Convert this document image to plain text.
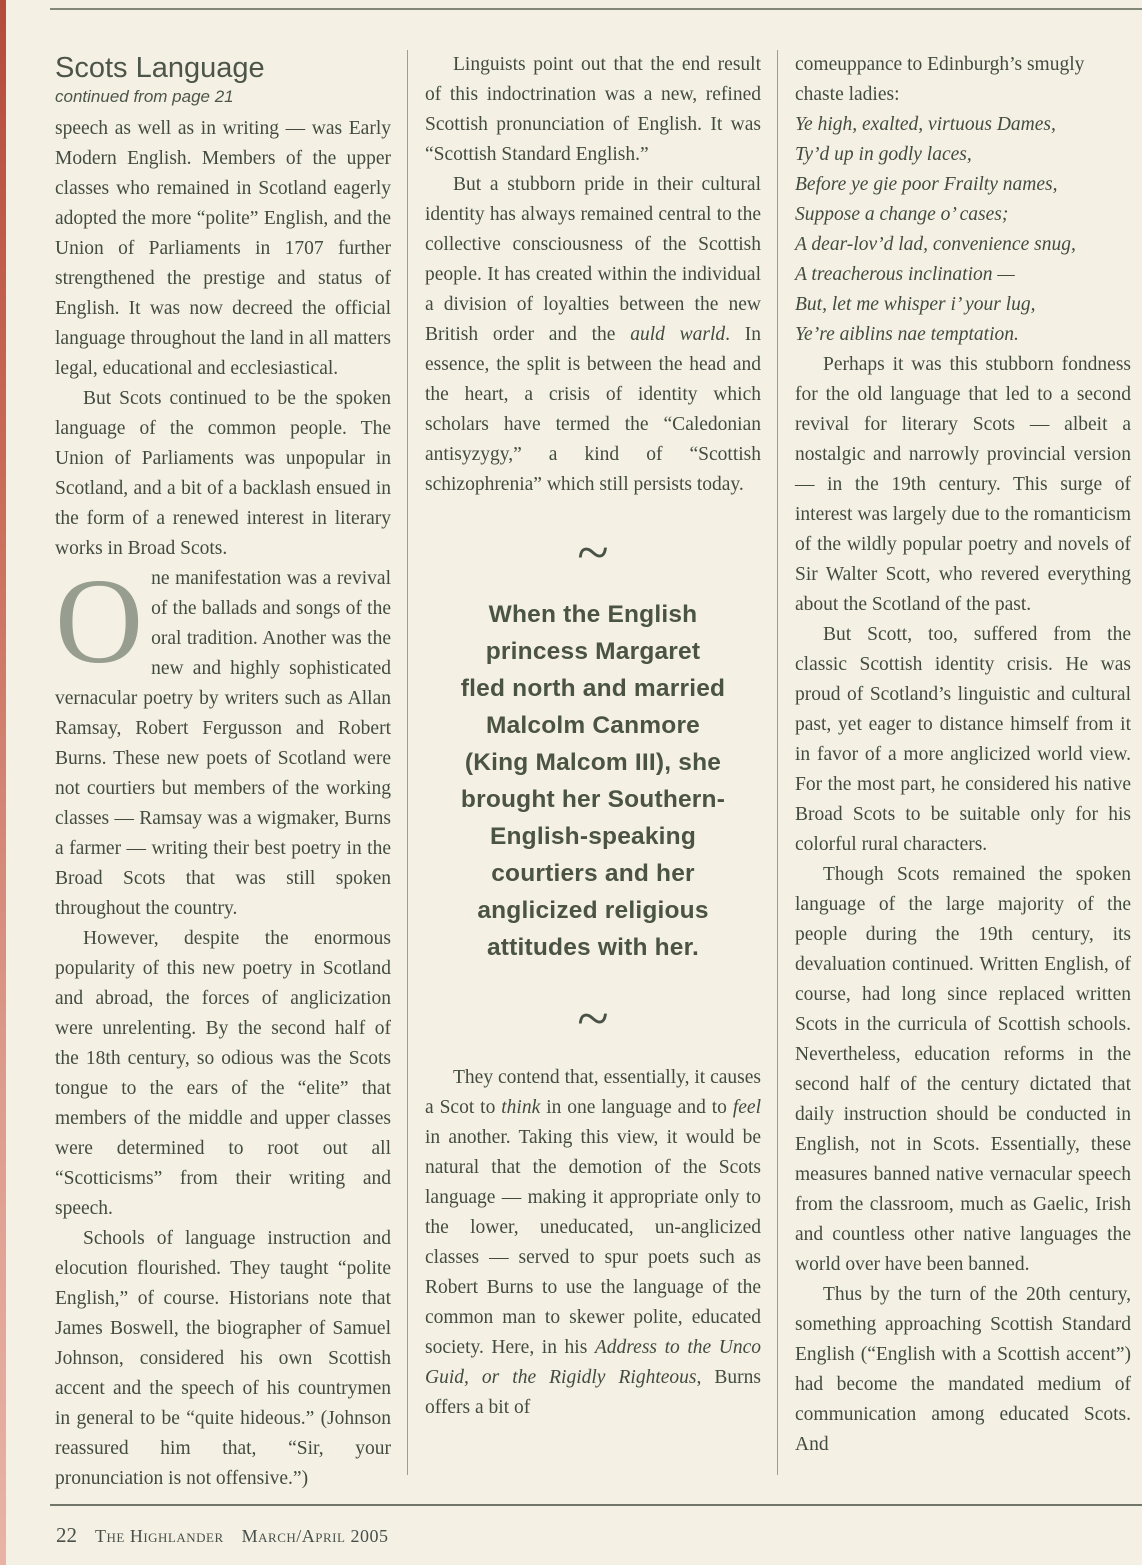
Scots Language
continued from page 21

speech as well as in writing — was Early Modern English. Members of the upper classes who remained in Scotland eagerly adopted the more “polite” English, and the Union of Parliaments in 1707 further strengthened the prestige and status of English. It was now decreed the official language throughout the land in all matters legal, educational and ecclesiastical.

But Scots continued to be the spoken language of the common people. The Union of Parliaments was unpopular in Scotland, and a bit of a backlash ensued in the form of a renewed interest in literary works in Broad Scots.

One manifestation was a revival of the ballads and songs of the oral tradition. Another was the new and highly sophisticated vernacular poetry by writers such as Allan Ramsay, Robert Fergusson and Robert Burns. These new poets of Scotland were not courtiers but members of the working classes — Ramsay was a wigmaker, Burns a farmer — writing their best poetry in the Broad Scots that was still spoken throughout the country.

However, despite the enormous popularity of this new poetry in Scotland and abroad, the forces of anglicization were unrelenting. By the second half of the 18th century, so odious was the Scots tongue to the ears of the “elite” that members of the middle and upper classes were determined to root out all “Scotticisms” from their writing and speech.

Schools of language instruction and elocution flourished. They taught “polite English,” of course. Historians note that James Boswell, the biographer of Samuel Johnson, considered his own Scottish accent and the speech of his countrymen in general to be “quite hideous.” (Johnson reassured him that, “Sir, your pronunciation is not offensive.”)

Linguists point out that the end result of this indoctrination was a new, refined Scottish pronunciation of English. It was “Scottish Standard English.”

But a stubborn pride in their cultural identity has always remained central to the collective consciousness of the Scottish people. It has created within the individual a division of loyalties between the new British order and the auld warld. In essence, the split is between the head and the heart, a crisis of identity which scholars have termed the “Caledonian antisyzygy,” a kind of “Scottish schizophrenia” which still persists today.

~
When the English
princess Margaret
fled north and married
Malcolm Canmore
(King Malcom III), she
brought her Southern-
English-speaking
courtiers and her
anglicized religious
attitudes with her.
~

They contend that, essentially, it causes a Scot to think in one language and to feel in another. Taking this view, it would be natural that the demotion of the Scots language — making it appropriate only to the lower, uneducated, un-anglicized classes — served to spur poets such as Robert Burns to use the language of the common man to skewer polite, educated society. Here, in his Address to the Unco Guid, or the Rigidly Righteous, Burns offers a bit of

comeuppance to Edinburgh’s smugly chaste ladies:

Ye high, exalted, virtuous Dames,
Ty’d up in godly laces,
Before ye gie poor Frailty names,
Suppose a change o’ cases;
A dear-lov’d lad, convenience snug,
A treacherous inclination —
But, let me whisper i’ your lug,
Ye’re aiblins nae temptation.

Perhaps it was this stubborn fondness for the old language that led to a second revival for literary Scots — albeit a nostalgic and narrowly provincial version — in the 19th century. This surge of interest was largely due to the romanticism of the wildly popular poetry and novels of Sir Walter Scott, who revered everything about the Scotland of the past.

But Scott, too, suffered from the classic Scottish identity crisis. He was proud of Scotland’s linguistic and cultural past, yet eager to distance himself from it in favor of a more anglicized world view. For the most part, he considered his native Broad Scots to be suitable only for his colorful rural characters.

Though Scots remained the spoken language of the large majority of the people during the 19th century, its devaluation continued. Written English, of course, had long since replaced written Scots in the curricula of Scottish schools. Nevertheless, education reforms in the second half of the century dictated that daily instruction should be conducted in English, not in Scots. Essentially, these measures banned native vernacular speech from the classroom, much as Gaelic, Irish and countless other native languages the world over have been banned.

Thus by the turn of the 20th century, something approaching Scottish Standard English (“English with a Scottish accent”) had become the mandated medium of communication among educated Scots. And

22 The Highlander March/April 2005
